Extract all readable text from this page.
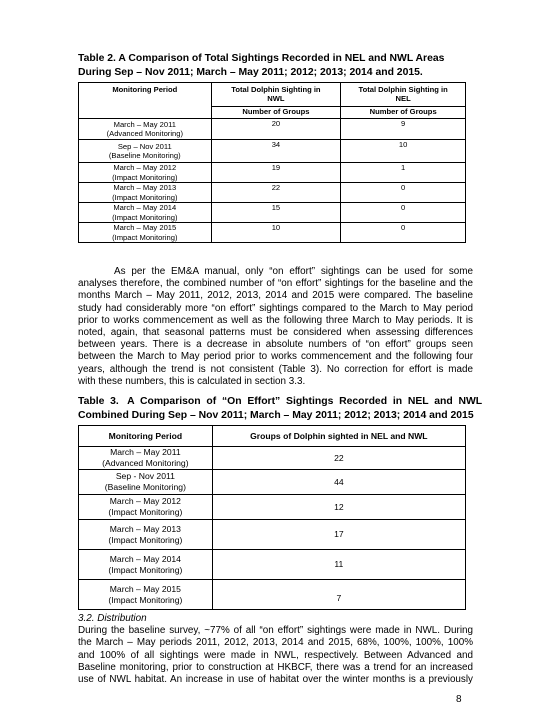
Table 2. A Comparison of Total Sightings Recorded in NEL and NWL Areas
During Sep – Nov 2011; March – May 2011; 2012; 2013; 2014 and 2015.
Monitoring Period	Total Dolphin Sighting in NWL	Total Dolphin Sighting in NEL
	Number of Groups	Number of Groups

March – May 2011
(Advanced Monitoring)	20	9

Sep – Nov 2011
(Baseline Monitoring)	34	10

March – May 2012
(Impact Monitoring)	19	1

March – May 2013
(Impact Monitoring)	22	0

March – May 2014
(Impact Monitoring)	15	0

March – May 2015
(Impact Monitoring)	10	0
As per the EM&A manual, only “on effort” sightings can be used for some
analyses therefore, the combined number of “on effort” sightings for the baseline and the
months March – May 2011, 2012, 2013, 2014 and 2015 were compared. The baseline
study had considerably more “on effort” sightings compared to the March to May period
prior to works commencement as well as the following three March to May periods. It is
noted, again, that seasonal patterns must be considered when assessing differences
between years. There is a decrease in absolute numbers of “on effort” groups seen
between the March to May period prior to works commencement and the following four
years, although the trend is not consistent (Table 3). No correction for effort is made
with these numbers, this is calculated in section 3.3.
Table  3.   A  Comparison  of  “On  Effort”  Sightings  Recorded  in  NEL  and  NWL
Combined During Sep – Nov 2011; March – May 2011; 2012; 2013; 2014 and 2015
Monitoring Period	Groups of Dolphin sighted in NEL and NWL

March – May 2011
(Advanced Monitoring)	22

Sep - Nov 2011
(Baseline Monitoring)	44

March – May 2012
(Impact Monitoring)	12

March – May 2013
(Impact Monitoring)	17

March – May 2014
(Impact Monitoring)	11

March – May 2015
(Impact Monitoring)	7
3.2. Distribution
During the baseline survey, ~77% of all “on effort” sightings were made in NWL. During
the March – May periods 2011, 2012, 2013, 2014 and 2015, 68%, 100%, 100%, 100%
and 100% of all sightings were made in NWL, respectively. Between Advanced and
Baseline monitoring, prior to construction at HKBCF, there was a trend for an increased
use of NWL habitat. An increase in use of habitat over the winter months is a previously
8
